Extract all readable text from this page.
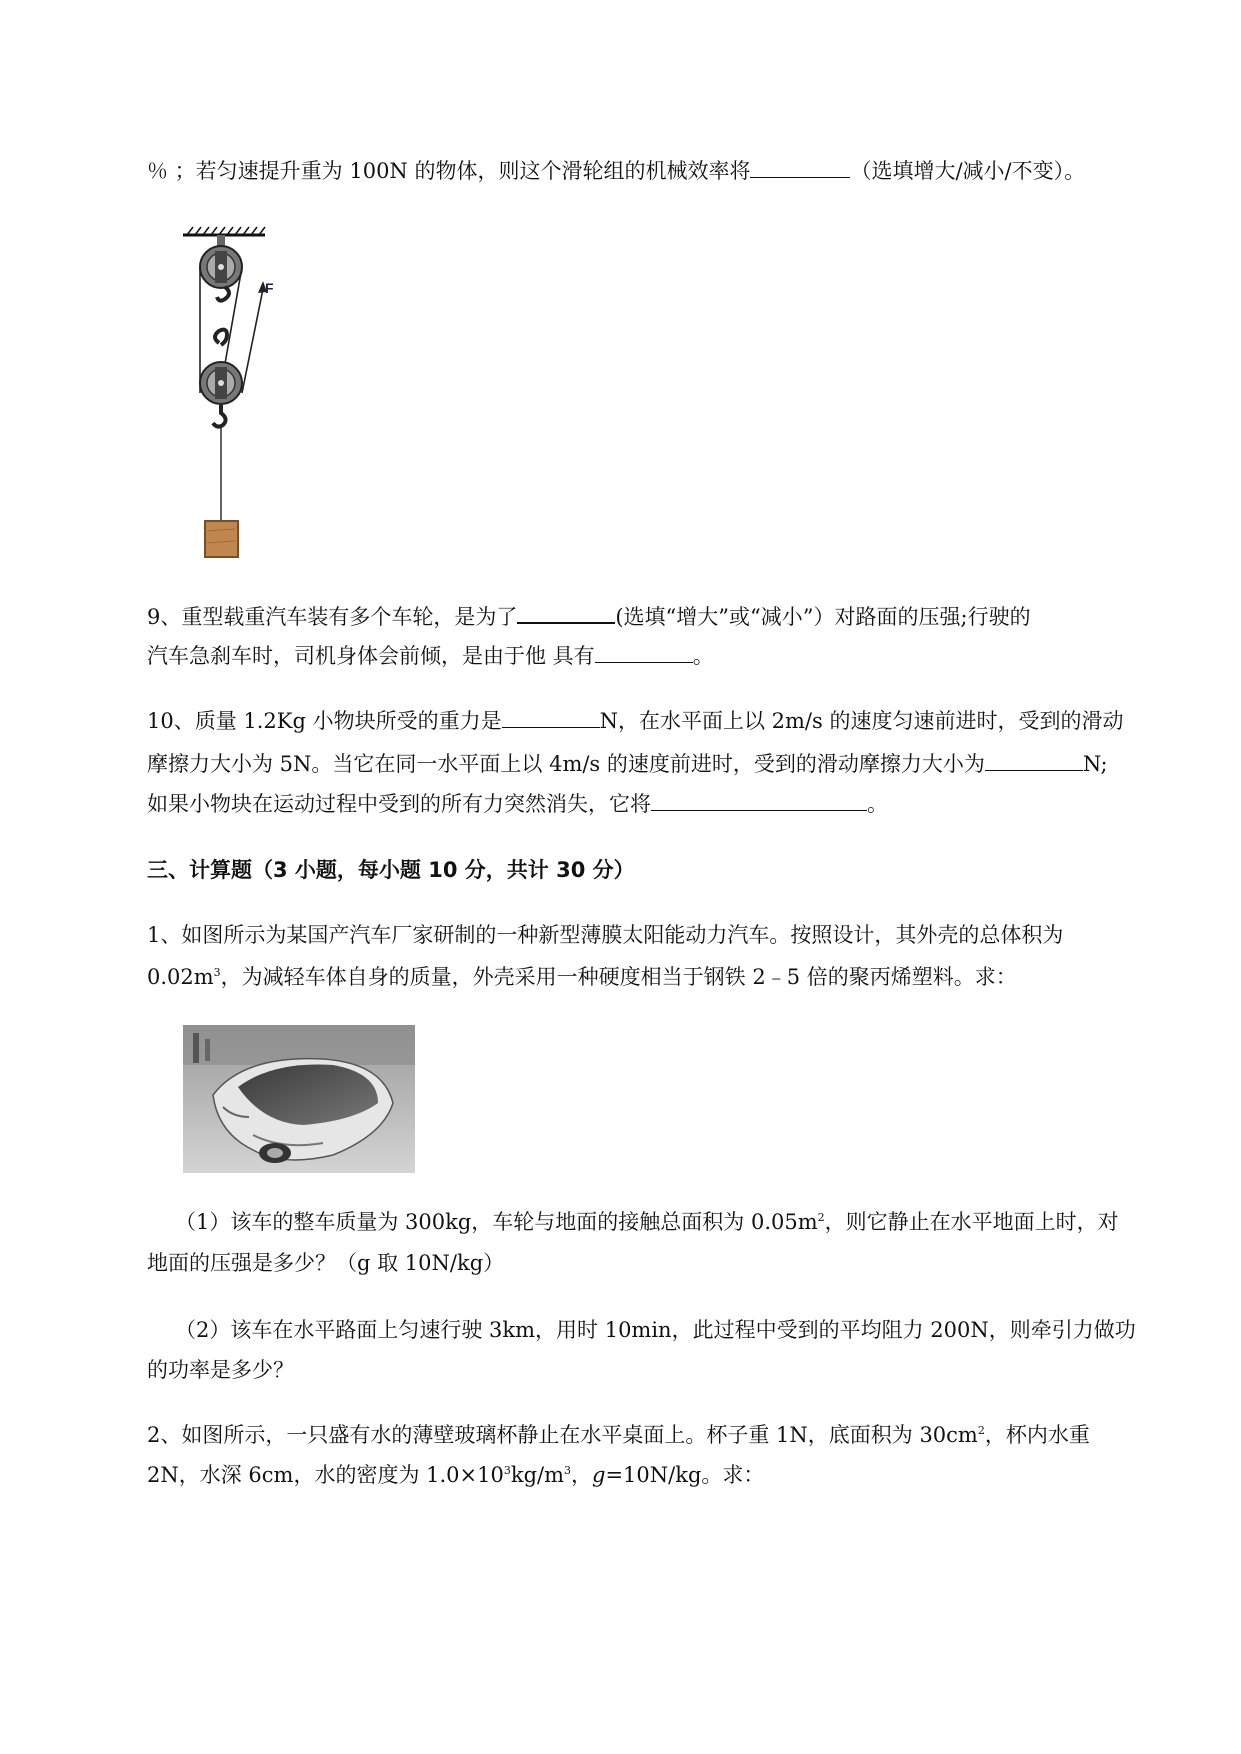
％ ；若匀速提升重为 100N 的物体，则这个滑轮组的机械效率将	（选填增大/减小/不变）。
F
9、重型载重汽车装有多个车轮，是为了	(选填“增大”或“减小”）对路面的压强;行驶的
汽车急刹车时，司机身体会前倾，是由于他 具有	。
10、质量 1.2Kg 小物块所受的重力是	N，在水平面上以 2m/s 的速度匀速前进时，受到的滑动
摩擦力大小为 5N。当它在同一水平面上以 4m/s 的速度前进时，受到的滑动摩擦力大小为	N;
如果小物块在运动过程中受到的所有力突然消失，它将	。
三、计算题（3 小题，每小题 10 分，共计 30 分）
1、如图所示为某国产汽车厂家研制的一种新型薄膜太阳能动力汽车。按照设计，其外壳的总体积为
$0.02m^3$，为减轻车体自身的质量，外壳采用一种硬度相当于钢铁 2﹣5 倍的聚丙烯塑料。求：
（1）该车的整车质量为 300kg，车轮与地面的接触总面积为 $0.05m^2$，则它静止在水平地面上时，对
地面的压强是多少？（g 取 10N/kg）
（2）该车在水平路面上匀速行驶 3km，用时 10min，此过程中受到的平均阻力 200N，则牵引力做功
的功率是多少？
2、如图所示，一只盛有水的薄壁玻璃杯静止在水平桌面上。杯子重 1N，底面积为 $30cm^2$，杯内水重
2N，水深 6cm，水的密度为 $1.0\times 10^3kg/m^3$，g=10N/kg。求：
